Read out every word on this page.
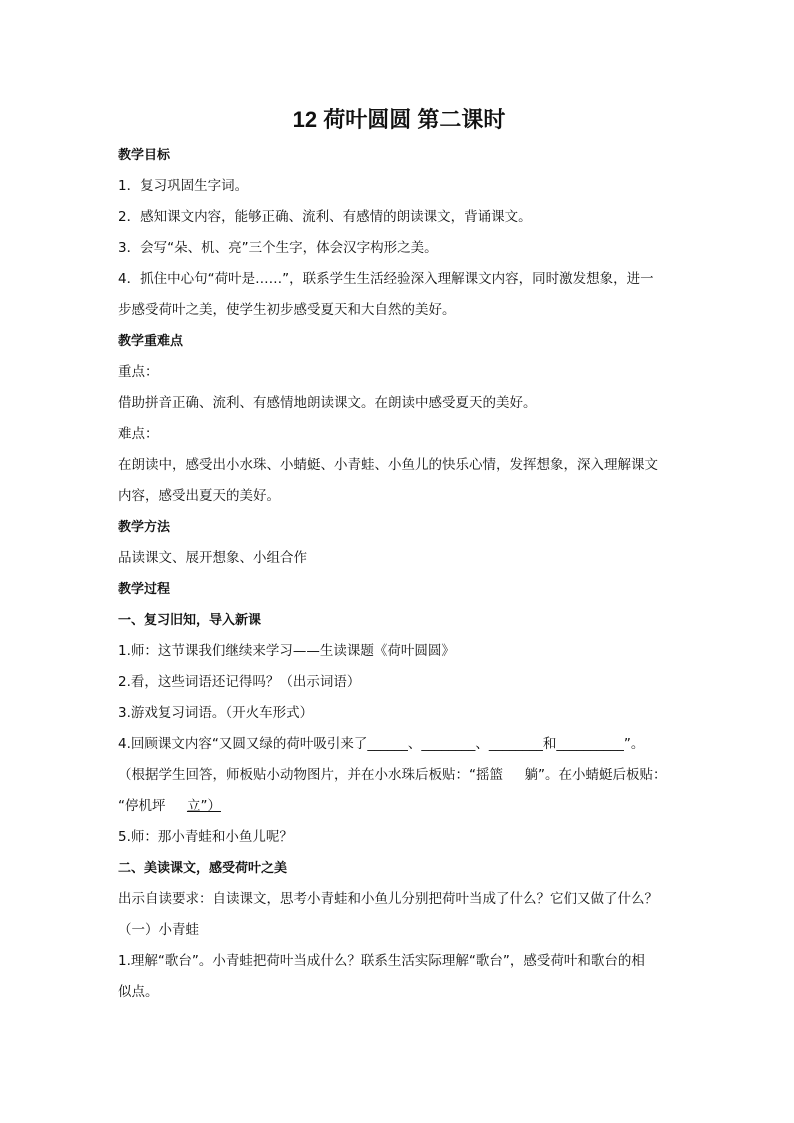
12 荷叶圆圆 第二课时

教学目标

1．复习巩固生字词。

2．感知课文内容，能够正确、流利、有感情的朗读课文，背诵课文。

3．会写“朵、机、亮”三个生字，体会汉字构形之美。

4．抓住中心句“荷叶是……”，联系学生生活经验深入理解课文内容，同时激发想象，进一

步感受荷叶之美，使学生初步感受夏天和大自然的美好。

教学重难点

重点：

借助拼音正确、流利、有感情地朗读课文。在朗读中感受夏天的美好。

难点：

在朗读中，感受出小水珠、小蜻蜓、小青蛙、小鱼儿的快乐心情，发挥想象，深入理解课文

内容，感受出夏天的美好。

教学方法

品读课文、展开想象、小组合作

教学过程

一、复习旧知，导入新课

1.师：这节课我们继续来学习——生读课题《荷叶圆圆》

2.看，这些词语还记得吗？（出示词语）

3.游戏复习词语。（开火车形式）

4.回顾课文内容“又圆又绿的荷叶吸引来了______、________、________和__________”。

（根据学生回答，师板贴小动物图片，并在小水珠后板贴：“摇篮 躺”。在小蜻蜓后板贴：

“停机坪 立”）

5.师：那小青蛙和小鱼儿呢？

二、美读课文，感受荷叶之美

出示自读要求：自读课文，思考小青蛙和小鱼儿分别把荷叶当成了什么？它们又做了什么？

（一）小青蛙

1.理解“歌台”。小青蛙把荷叶当成什么？联系生活实际理解“歌台”，感受荷叶和歌台的相

似点。
